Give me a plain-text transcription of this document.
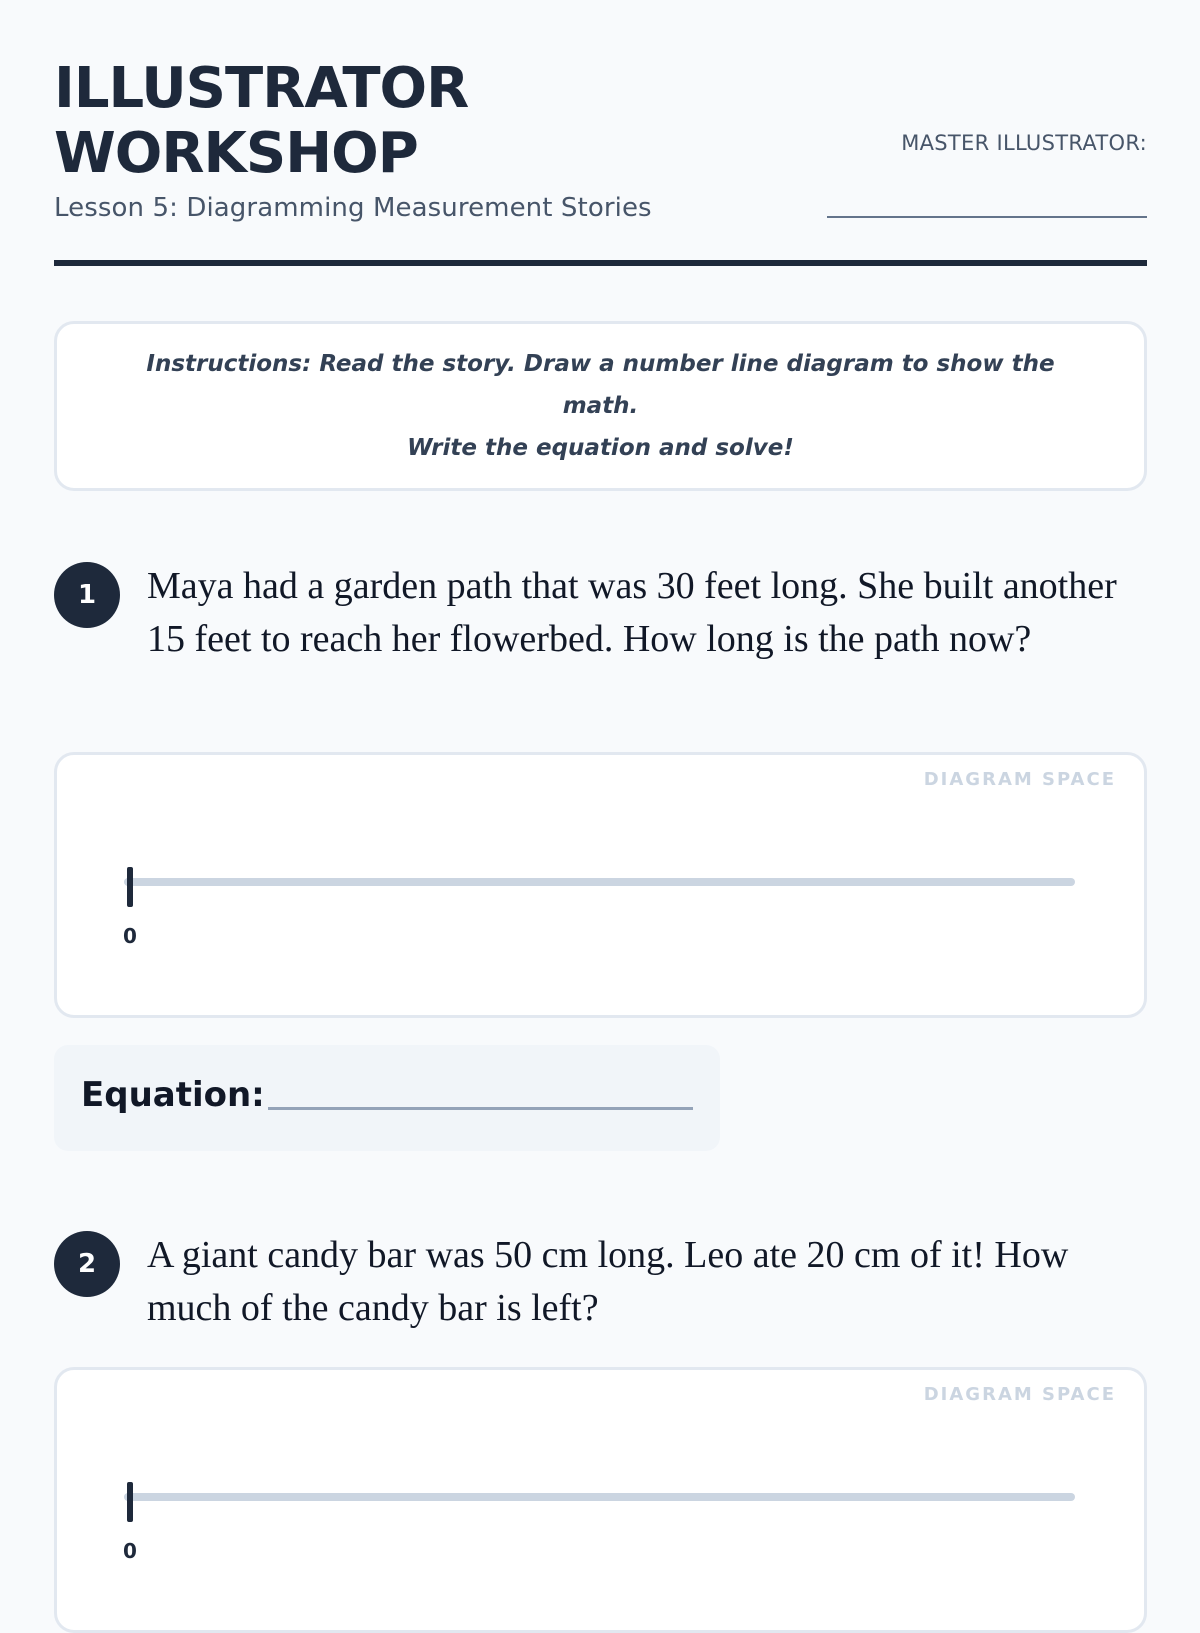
ILLUSTRATOR
WORKSHOP
Lesson 5: Diagramming Measurement Stories
MASTER ILLUSTRATOR:
Instructions: Read the story. Draw a number line diagram to show the math.
Write the equation and solve!
1	Maya had a garden path that was 30 feet long. She built another 15 feet to reach her flowerbed. How long is the path now?
DIAGRAM SPACE
0
Equation:
2	A giant candy bar was 50 cm long. Leo ate 20 cm of it! How much of the candy bar is left?
DIAGRAM SPACE
0
